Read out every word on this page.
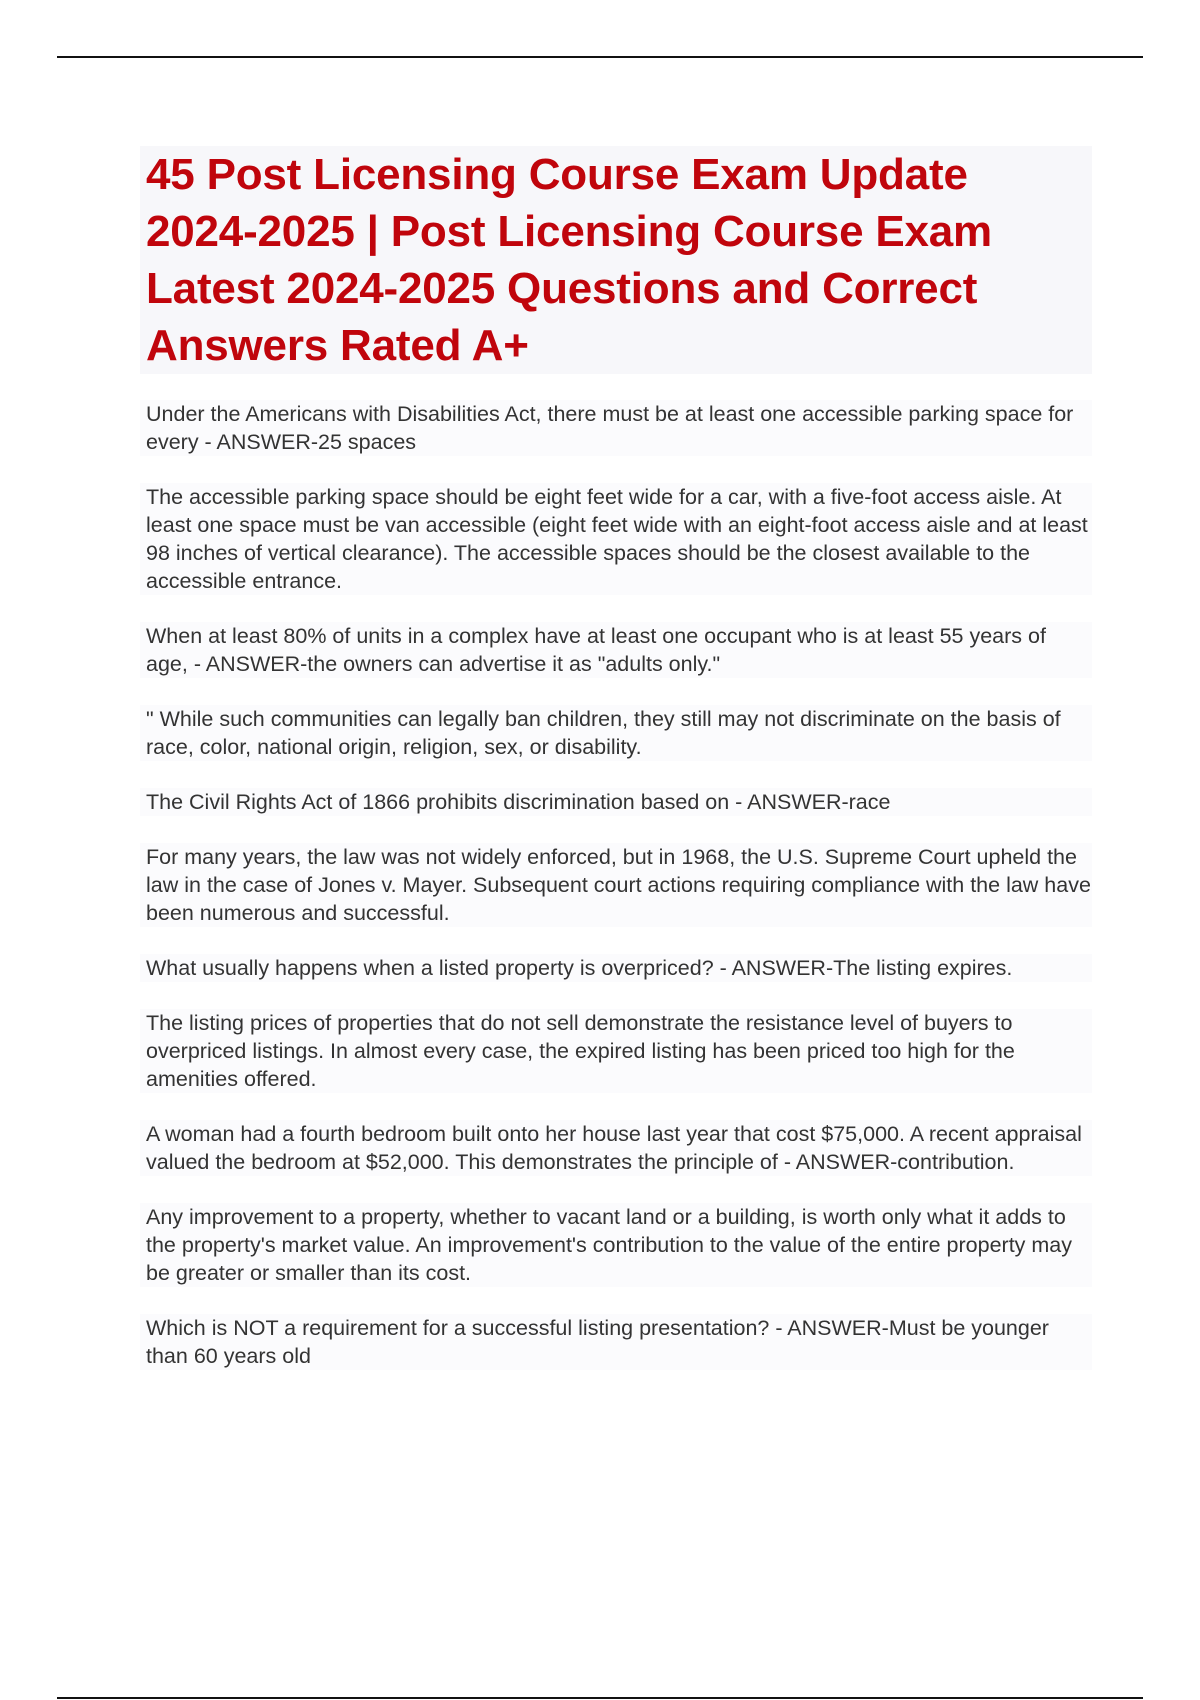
45 Post Licensing Course Exam Update 2024-2025 | Post Licensing Course Exam Latest 2024-2025 Questions and Correct Answers Rated A+

Under the Americans with Disabilities Act, there must be at least one accessible parking space for every - ANSWER-25 spaces

The accessible parking space should be eight feet wide for a car, with a five-foot access aisle. At least one space must be van accessible (eight feet wide with an eight-foot access aisle and at least 98 inches of vertical clearance). The accessible spaces should be the closest available to the accessible entrance.

When at least 80% of units in a complex have at least one occupant who is at least 55 years of age, - ANSWER-the owners can advertise it as "adults only."

" While such communities can legally ban children, they still may not discriminate on the basis of race, color, national origin, religion, sex, or disability.

The Civil Rights Act of 1866 prohibits discrimination based on - ANSWER-race

For many years, the law was not widely enforced, but in 1968, the U.S. Supreme Court upheld the law in the case of Jones v. Mayer. Subsequent court actions requiring compliance with the law have been numerous and successful.

What usually happens when a listed property is overpriced? - ANSWER-The listing expires.

The listing prices of properties that do not sell demonstrate the resistance level of buyers to overpriced listings. In almost every case, the expired listing has been priced too high for the amenities offered.

A woman had a fourth bedroom built onto her house last year that cost $75,000. A recent appraisal valued the bedroom at $52,000. This demonstrates the principle of - ANSWER-contribution.

Any improvement to a property, whether to vacant land or a building, is worth only what it adds to the property's market value. An improvement's contribution to the value of the entire property may be greater or smaller than its cost.

Which is NOT a requirement for a successful listing presentation? - ANSWER-Must be younger than 60 years old
